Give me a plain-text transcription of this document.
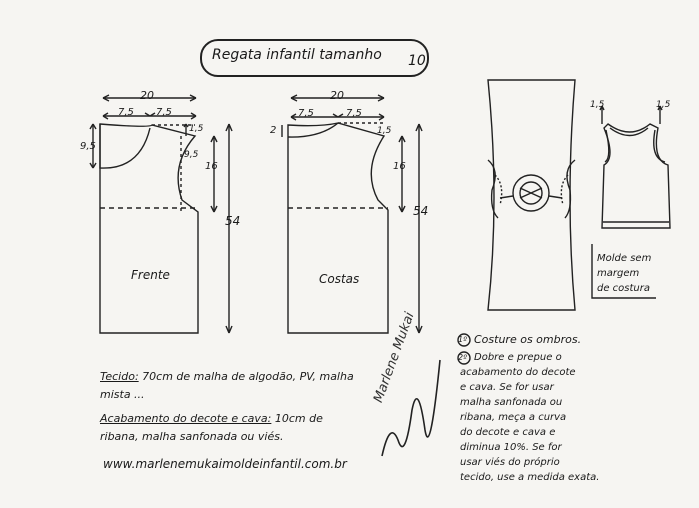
Regata infantil tamanho 10
20
7,5 7,5
9,5
1,5
9,5
16
54
Frente
20
7,5	7,5
2	1,5
16
54
Costas
1,5	1,5
Molde sem
margem
de costura
Tecido: 70cm de malha de algodão, PV, malha
mista ...
Acabamento do decote e cava: 10cm de
ribana, malha sanfonada ou viés.
www.marlenemukaimoldeinfantil.com.br
Marlene Mukai	1º Costure os ombros.
2º Dobre e prepue o
acabamento do decote
e cava. Se for usar
malha sanfonada ou
ribana, meça a curva
do decote e cava e
diminua 10%. Se for
usar viés do próprio
tecido, use a medida exata.
